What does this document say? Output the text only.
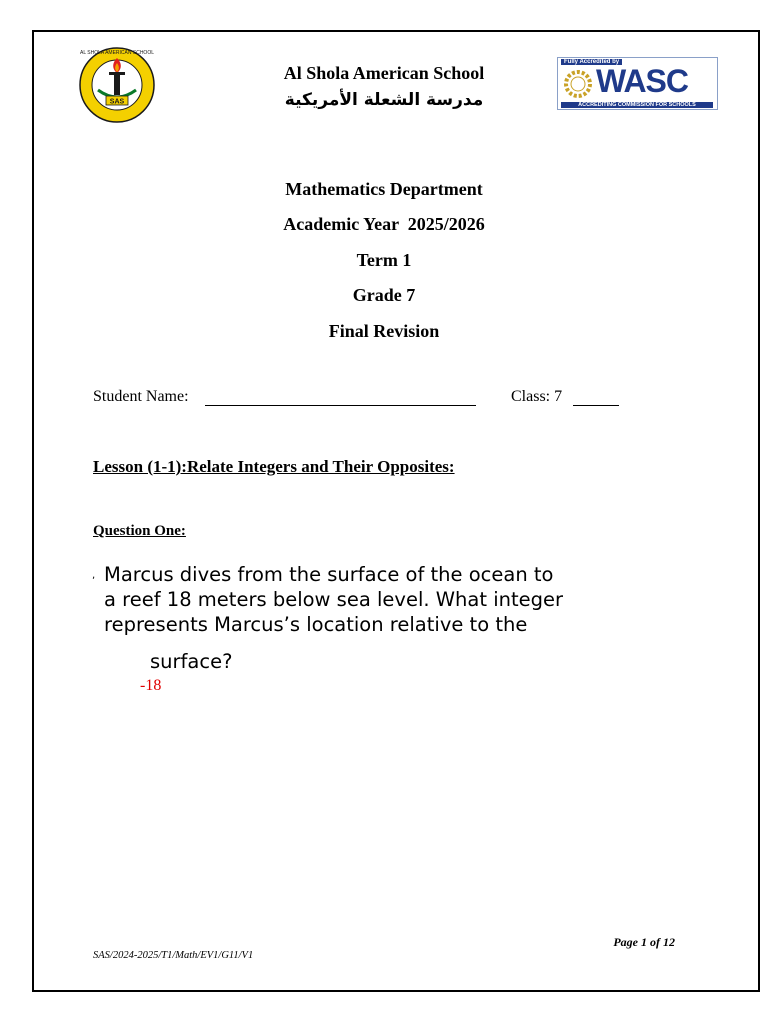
SAS
AL SHOLA AMERICAN SCHOOL
Fully Accredited by
WASC
ACCREDITING COMMISSION FOR SCHOOLS
Al Shola American School
مدرسة الشعلة الأمريكية
Mathematics Department
Academic Year  2025/2026
Term 1
Grade 7
Final Revision
Student Name:	Class: 7
Lesson (1-1):Relate Integers and Their Opposites:
Question One:
, Marcus dives from the surface of the ocean to
a reef 18 meters below sea level. What integer
represents Marcus’s location relative to the
surface?
-18
Page 1 of 12
SAS/2024-2025/T1/Math/EV1/G11/V1
